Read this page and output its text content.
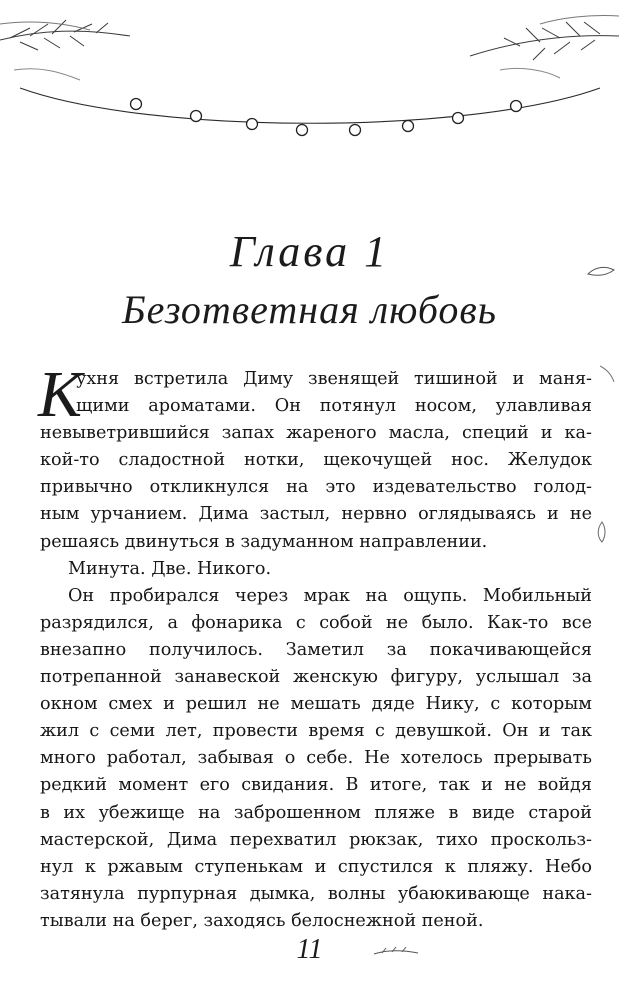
Глава 1
Безответная любовь
К
ухня встретила Диму звенящей тишиной и маня-
щими ароматами. Он потянул носом, улавливая
невыветрившийся запах жареного масла, специй и ка-
кой-то сладостной нотки, щекочущей нос. Желудок
привычно откликнулся на это издевательство голод-
ным урчанием. Дима застыл, нервно оглядываясь и не
решаясь двинуться в задуманном направлении.
Минута. Две. Никого.
Он пробирался через мрак на ощупь. Мобильный
разрядился, а фонарика с собой не было. Как-то все
внезапно получилось. Заметил за покачивающейся
потрепанной занавеской женскую фигуру, услышал за
окном смех и решил не мешать дяде Нику, с которым
жил с семи лет, провести время с девушкой. Он и так
много работал, забывая о себе. Не хотелось прерывать
редкий момент его свидания. В итоге, так и не войдя
в их убежище на заброшенном пляже в виде старой
мастерской, Дима перехватил рюкзак, тихо проскольз-
нул к ржавым ступенькам и спустился к пляжу. Небо
затянула пурпурная дымка, волны убаюкивающе нака-
тывали на берег, заходясь белоснежной пеной.
11
